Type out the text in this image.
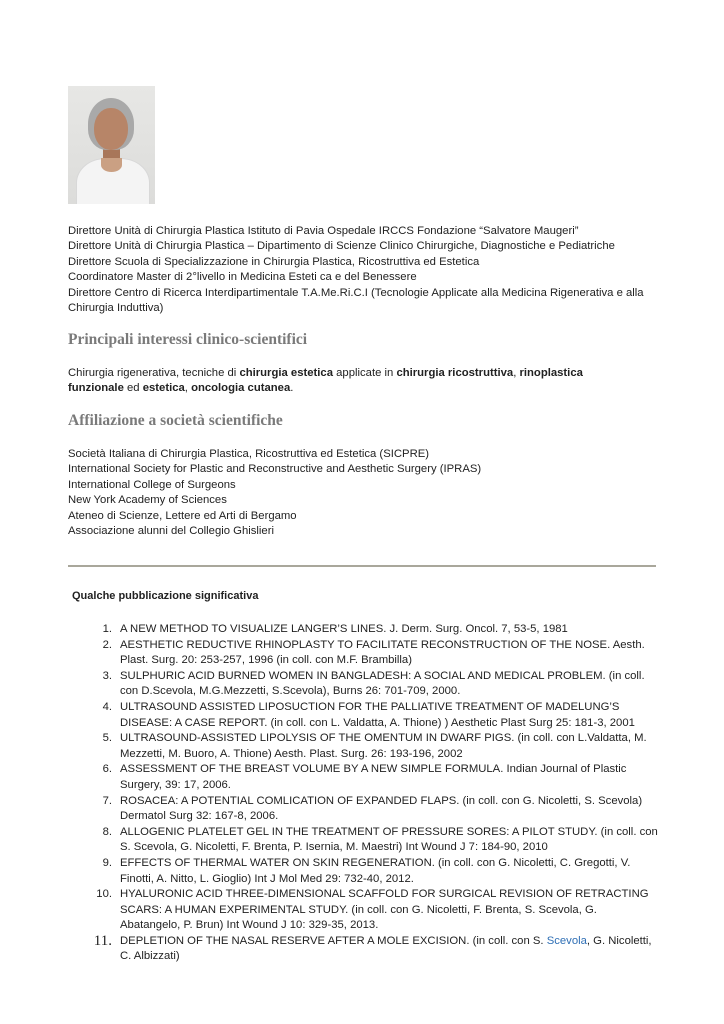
Direttore Unità di Chirurgia Plastica Istituto di Pavia Ospedale IRCCS Fondazione “Salvatore Maugeri”
Direttore Unità di Chirurgia Plastica – Dipartimento di Scienze Clinico Chirurgiche, Diagnostiche e Pediatriche
Direttore Scuola di Specializzazione in Chirurgia Plastica, Ricostruttiva ed Estetica
Coordinatore Master di 2°livello in Medicina Esteti ca e del Benessere
Direttore Centro di Ricerca Interdipartimentale T.A.Me.Ri.C.I (Tecnologie Applicate alla Medicina Rigenerativa e alla Chirurgia Induttiva)
Principali interessi clinico-scientifici

Chirurgia rigenerativa, tecniche di chirurgia estetica applicate in chirurgia ricostruttiva, rinoplastica funzionale ed estetica, oncologia cutanea.

Affiliazione a società scientifiche
Società Italiana di Chirurgia Plastica, Ricostruttiva ed Estetica (SICPRE)
International Society for Plastic and Reconstructive and Aesthetic Surgery (IPRAS)
International College of Surgeons
New York Academy of Sciences
Ateneo di Scienze, Lettere ed Arti di Bergamo
Associazione alunni del Collegio Ghislieri
Qualche pubblicazione significativa
1. A NEW METHOD TO VISUALIZE LANGER’S LINES. J. Derm. Surg. Oncol. 7, 53-5, 1981
2. AESTHETIC REDUCTIVE RHINOPLASTY TO FACILITATE RECONSTRUCTION OF THE NOSE. Aesth. Plast. Surg. 20: 253-257, 1996 (in coll. con M.F. Brambilla)
3. SULPHURIC ACID BURNED WOMEN IN BANGLADESH: A SOCIAL AND MEDICAL PROBLEM. (in coll. con D.Scevola, M.G.Mezzetti, S.Scevola), Burns 26: 701-709, 2000.
4. ULTRASOUND ASSISTED LIPOSUCTION FOR THE PALLIATIVE TREATMENT OF MADELUNG’S DISEASE: A CASE REPORT. (in coll. con L. Valdatta, A. Thione) ) Aesthetic Plast Surg 25: 181-3, 2001
5. ULTRASOUND-ASSISTED LIPOLYSIS OF THE OMENTUM IN DWARF PIGS. (in coll. con L.Valdatta, M. Mezzetti, M. Buoro, A. Thione) Aesth. Plast. Surg. 26: 193-196, 2002
6. ASSESSMENT OF THE BREAST VOLUME BY A NEW SIMPLE FORMULA. Indian Journal of Plastic Surgery, 39: 17, 2006.
7. ROSACEA: A POTENTIAL COMLICATION OF EXPANDED FLAPS. (in coll. con G. Nicoletti, S. Scevola) Dermatol Surg 32: 167-8, 2006.
8. ALLOGENIC PLATELET GEL IN THE TREATMENT OF PRESSURE SORES: A PILOT STUDY. (in coll. con S. Scevola, G. Nicoletti, F. Brenta, P. Isernia, M. Maestri) Int Wound J 7: 184-90, 2010
9. EFFECTS OF THERMAL WATER ON SKIN REGENERATION. (in coll. con G. Nicoletti, C. Gregotti, V. Finotti, A. Nitto, L. Gioglio) Int J Mol Med 29: 732-40, 2012.
10. HYALURONIC ACID THREE-DIMENSIONAL SCAFFOLD FOR SURGICAL REVISION OF RETRACTING SCARS: A HUMAN EXPERIMENTAL STUDY. (in coll. con G. Nicoletti, F. Brenta, S. Scevola, G. Abatangelo, P. Brun) Int Wound J 10: 329-35, 2013.
11. DEPLETION OF THE NASAL RESERVE AFTER A MOLE EXCISION. (in coll. con S. Scevola, G. Nicoletti, C. Albizzati)
